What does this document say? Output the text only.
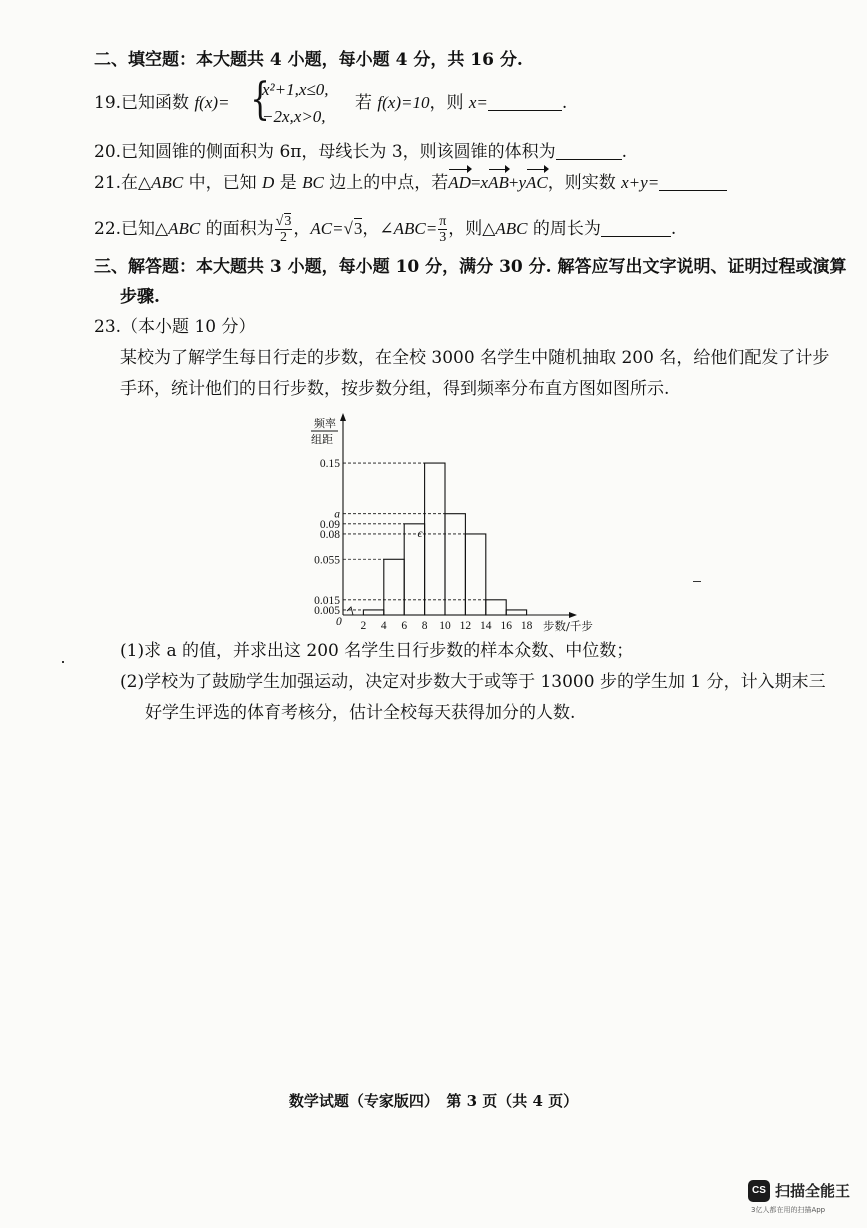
二、填空题：本大题共 4 小题，每小题 4 分，共 16 分.
19.已知函数 f(x)= {
x²+1,x≤0,
−2x,x>0,
若 f(x)=10，则 x=	.
20.已知圆锥的侧面积为 6π，母线长为 3，则该圆锥的体积为	.
21.在△ABC 中，已知 D 是 BC 边上的中点，若AD=xAB+yAC，则实数 x+y=
22.已知△ABC 的面积为 $\frac{√3}{2}$ ，AC=√3，∠ABC= $\frac{\pi}{3}$ ，则△ABC 的周长为	.
三、解答题：本大题共 3 小题，每小题 10 分，满分 30 分. 解答应写出文字说明、证明过程或演算
步骤.
23.（本小题 10 分）
某校为了解学生每日行走的步数，在全校 3000 名学生中随机抽取 200 名，给他们配发了计步
手环，统计他们的日行步数，按步数分组，得到频率分布直方图如图所示.
频率
组距
步数/千步
0
0.15
a
0.09
0.08
0.055
0.015
0.005
2 4 6 8 10 12 14 16 18
c
(1)求 a 的值，并求出这 200 名学生日行步数的样本众数、中位数；
(2)学校为了鼓励学生加强运动，决定对步数大于或等于 13000 步的学生加 1 分，计入期末三
好学生评选的体育考核分，估计全校每天获得加分的人数.
数学试题（专家版四）　第 3 页（共 4 页）
CS 扫描全能王
3亿人都在用的扫描App
